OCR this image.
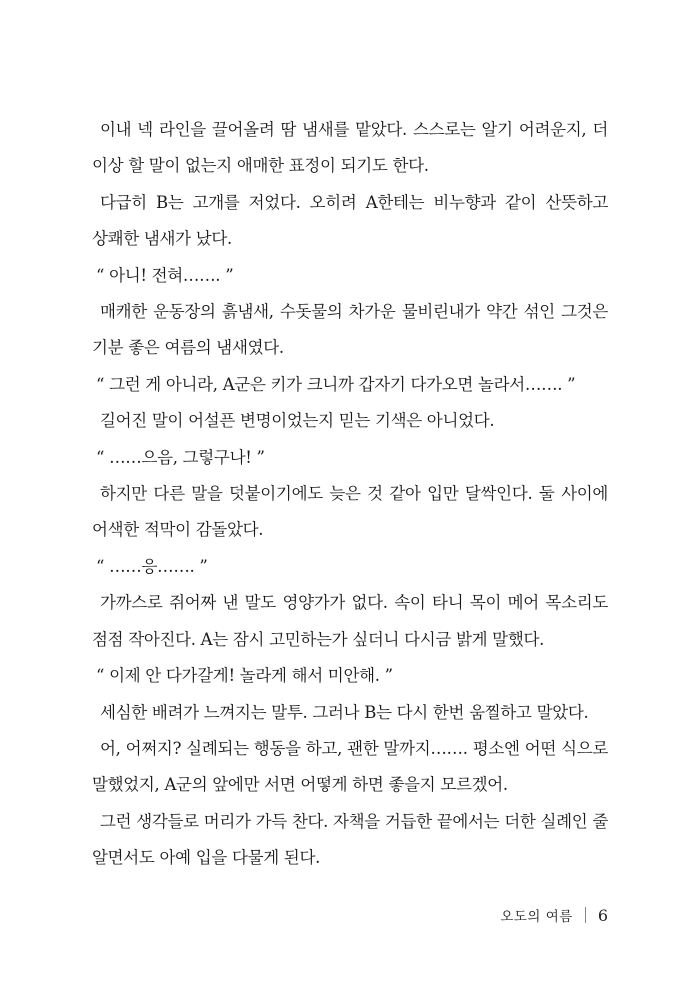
이내 넥 라인을 끌어올려 땀 냄새를 맡았다. 스스로는 알기 어려운지, 더 이상 할 말이 없는지 애매한 표정이 되기도 한다.

다급히 B는 고개를 저었다. 오히려 A한테는 비누향과 같이 산뜻하고 상쾌한 냄새가 났다.

“ 아니! 전혀……. ”

매캐한 운동장의 흙냄새, 수돗물의 차가운 물비린내가 약간 섞인 그것은 기분 좋은 여름의 냄새였다.

“ 그런 게 아니라, A군은 키가 크니까 갑자기 다가오면 놀라서……. ”

길어진 말이 어설픈 변명이었는지 믿는 기색은 아니었다.

“ ……으음, 그렇구나! ”

하지만 다른 말을 덧붙이기에도 늦은 것 같아 입만 달싹인다. 둘 사이에 어색한 적막이 감돌았다.

“ ……응……. ”

가까스로 쥐어짜 낸 말도 영양가가 없다. 속이 타니 목이 메어 목소리도 점점 작아진다. A는 잠시 고민하는가 싶더니 다시금 밝게 말했다.

“ 이제 안 다가갈게! 놀라게 해서 미안해. ”

세심한 배려가 느껴지는 말투. 그러나 B는 다시 한번 움찔하고 말았다.

어, 어쩌지? 실례되는 행동을 하고, 괜한 말까지……. 평소엔 어떤 식으로 말했었지, A군의 앞에만 서면 어떻게 하면 좋을지 모르겠어.

그런 생각들로 머리가 가득 찬다. 자책을 거듭한 끝에서는 더한 실례인 줄 알면서도 아예 입을 다물게 된다.

오도의 여름 6
